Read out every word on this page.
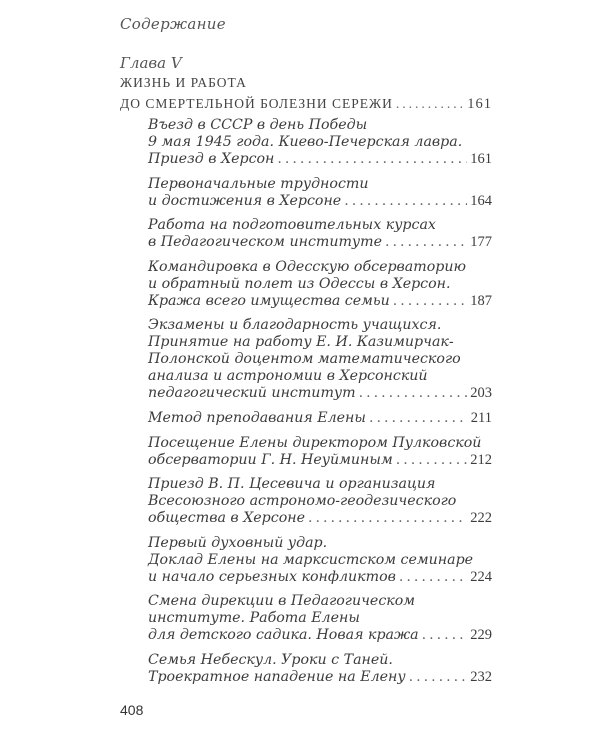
Содержание
Глава V
ЖИЗНЬ И РАБОТА
ДО СМЕРТЕЛЬНОЙ БОЛЕЗНИ СЕРЕЖИ .....	161
Въезд в СССР в день Победы
9 мая 1945 года. Киево-Печерская лавра.
Приезд в Херсон .....	161
Первоначальные трудности
и достижения в Херсоне .....	164
Работа на подготовительных курсах
в Педагогическом институте .....	177
Командировка в Одесскую обсерваторию
и обратный полет из Одессы в Херсон.
Кража всего имущества семьи .....	187
Экзамены и благодарность учащихся.
Принятие на работу Е. И. Казимирчак-
Полонской доцентом математического
анализа и астрономии в Херсонский
педагогический институт .....	203
Метод преподавания Елены .....	211
Посещение Елены директором Пулковской
обсерватории Г. Н. Неуйминым .....	212
Приезд В. П. Цесевича и организация
Всесоюзного астрономо-геодезического
общества в Херсоне .....	222
Первый духовный удар.
Доклад Елены на марксистском семинаре
и начало серьезных конфликтов .....	224
Смена дирекции в Педагогическом
институте. Работа Елены
для детского садика. Новая кража .....	229
Семья Небескул. Уроки с Таней.
Троекратное нападение на Елену .....	232
408
